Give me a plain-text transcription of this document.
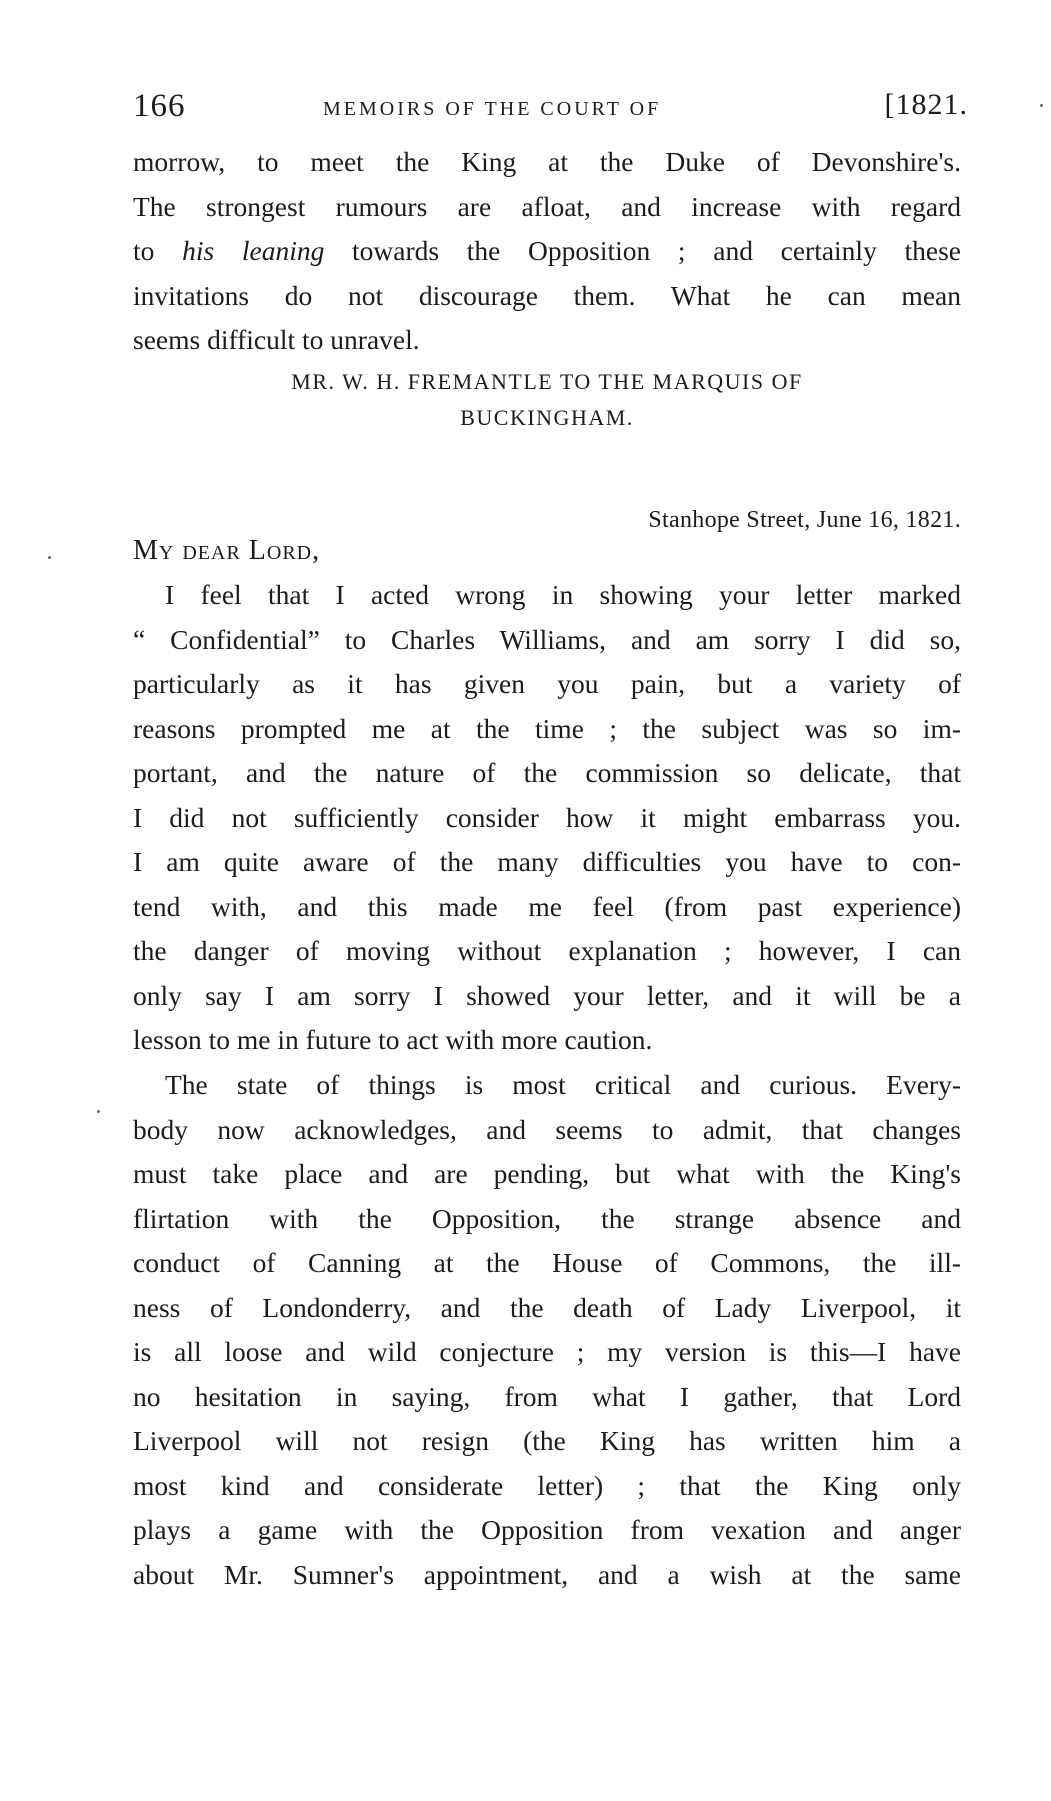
166	MEMOIRS OF THE COURT OF	[1821.
morrow, to meet the King at the Duke of Devonshire's.
The strongest rumours are afloat, and increase with regard
to his leaning towards the Opposition ; and certainly these
invitations do not discourage them. What he can mean
seems difficult to unravel.
MR. W. H. FREMANTLE TO THE MARQUIS OF
BUCKINGHAM.
Stanhope Street, June 16, 1821.
My dear Lord,
I feel that I acted wrong in showing your letter marked
“ Confidential” to Charles Williams, and am sorry I did so,
particularly as it has given you pain, but a variety of
reasons prompted me at the time ; the subject was so im-
portant, and the nature of the commission so delicate, that
I did not sufficiently consider how it might embarrass you.
I am quite aware of the many difficulties you have to con-
tend with, and this made me feel (from past experience)
the danger of moving without explanation ; however, I can
only say I am sorry I showed your letter, and it will be a
lesson to me in future to act with more caution.
The state of things is most critical and curious. Every-
body now acknowledges, and seems to admit, that changes
must take place and are pending, but what with the King's
flirtation with the Opposition, the strange absence and
conduct of Canning at the House of Commons, the ill-
ness of Londonderry, and the death of Lady Liverpool, it
is all loose and wild conjecture ; my version is this—I have
no hesitation in saying, from what I gather, that Lord
Liverpool will not resign (the King has written him a
most kind and considerate letter) ; that the King only
plays a game with the Opposition from vexation and anger
about Mr. Sumner's appointment, and a wish at the same
